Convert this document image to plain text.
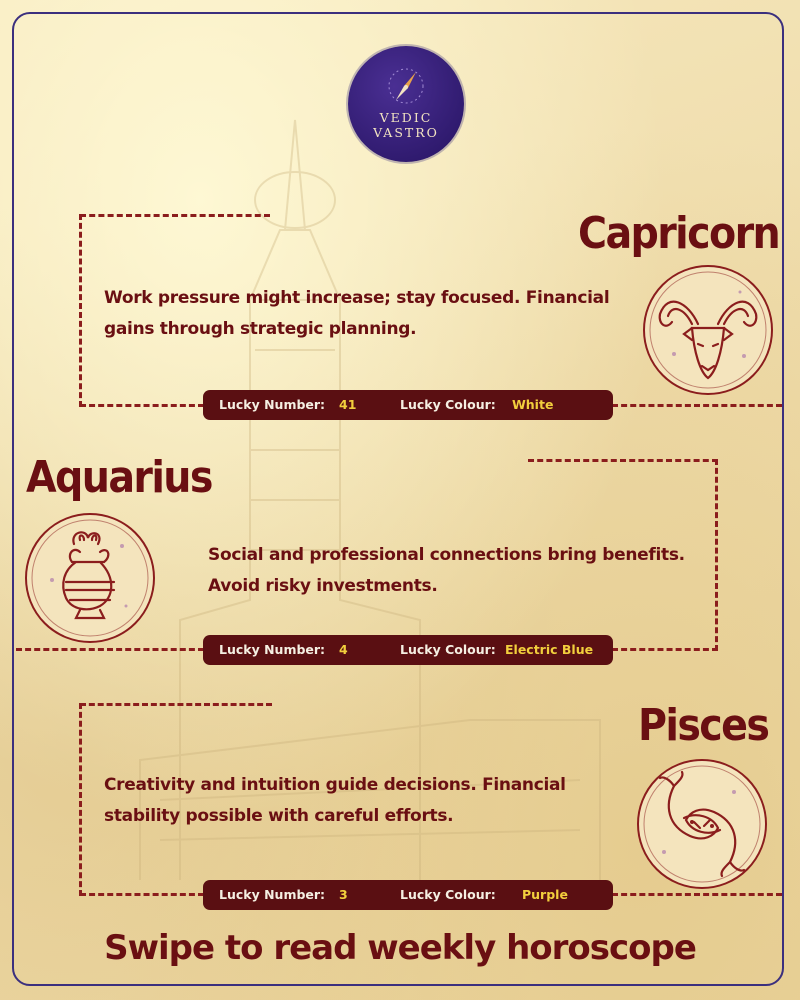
VEDIC
VASTRO
Capricorn
Work pressure might increase; stay focused. Financial
gains through strategic planning.
Lucky Number: 41	Lucky Colour: White
Aquarius
Social and professional connections bring benefits.
Avoid risky investments.
Lucky Number: 4	Lucky Colour: Electric Blue
Pisces
Creativity and intuition guide decisions. Financial
stability possible with careful efforts.
Lucky Number: 3	Lucky Colour: Purple
Swipe to read weekly horoscope
